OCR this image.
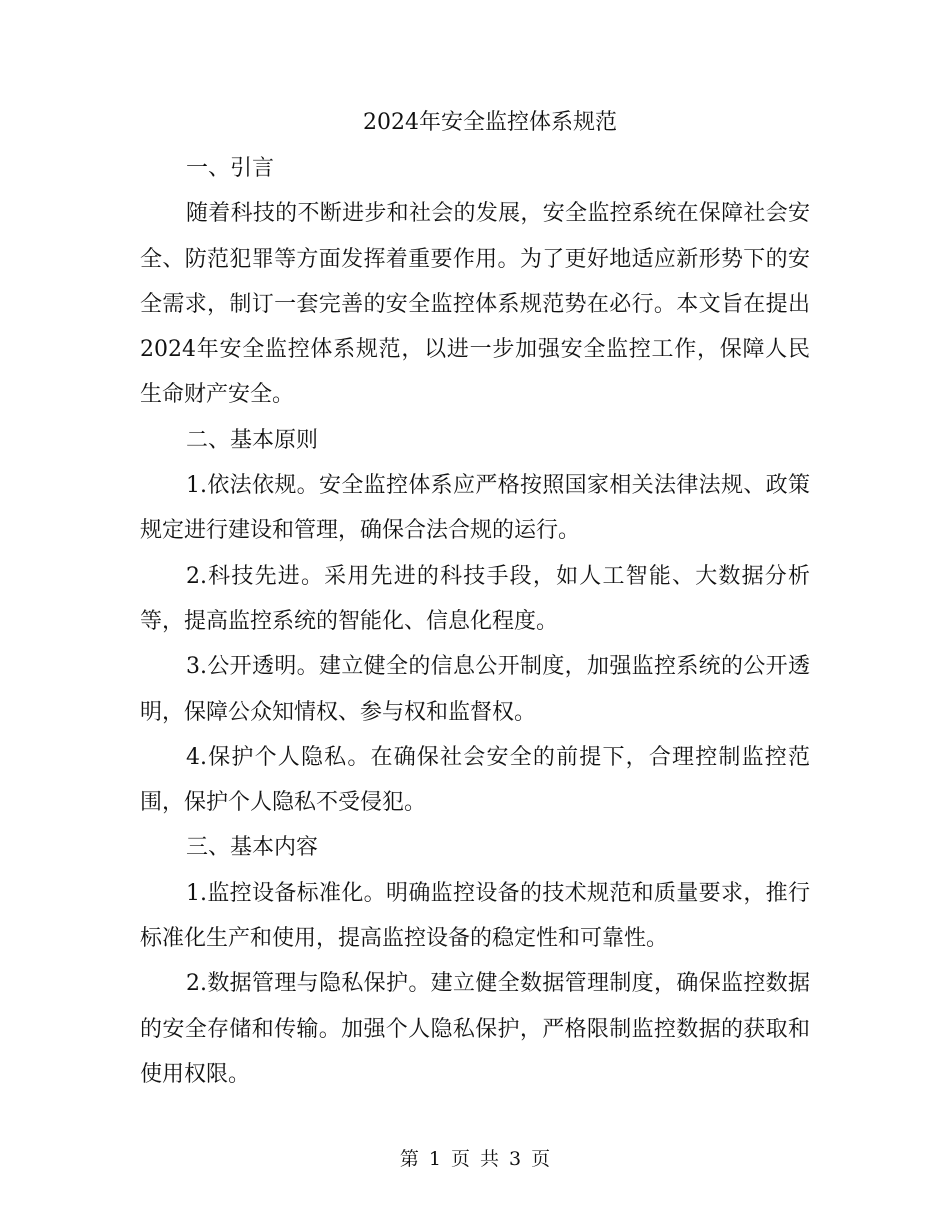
2024年安全监控体系规范

一、引言

随着科技的不断进步和社会的发展，安全监控系统在保障社会安全、防范犯罪等方面发挥着重要作用。为了更好地适应新形势下的安全需求，制订一套完善的安全监控体系规范势在必行。本文旨在提出2024年安全监控体系规范，以进一步加强安全监控工作，保障人民生命财产安全。

二、基本原则

1.依法依规。安全监控体系应严格按照国家相关法律法规、政策规定进行建设和管理，确保合法合规的运行。

2.科技先进。采用先进的科技手段，如人工智能、大数据分析等，提高监控系统的智能化、信息化程度。

3.公开透明。建立健全的信息公开制度，加强监控系统的公开透明，保障公众知情权、参与权和监督权。

4.保护个人隐私。在确保社会安全的前提下，合理控制监控范围，保护个人隐私不受侵犯。

三、基本内容

1.监控设备标准化。明确监控设备的技术规范和质量要求，推行标准化生产和使用，提高监控设备的稳定性和可靠性。

2.数据管理与隐私保护。建立健全数据管理制度，确保监控数据的安全存储和传输。加强个人隐私保护，严格限制监控数据的获取和使用权限。

第 1 页 共 3 页
